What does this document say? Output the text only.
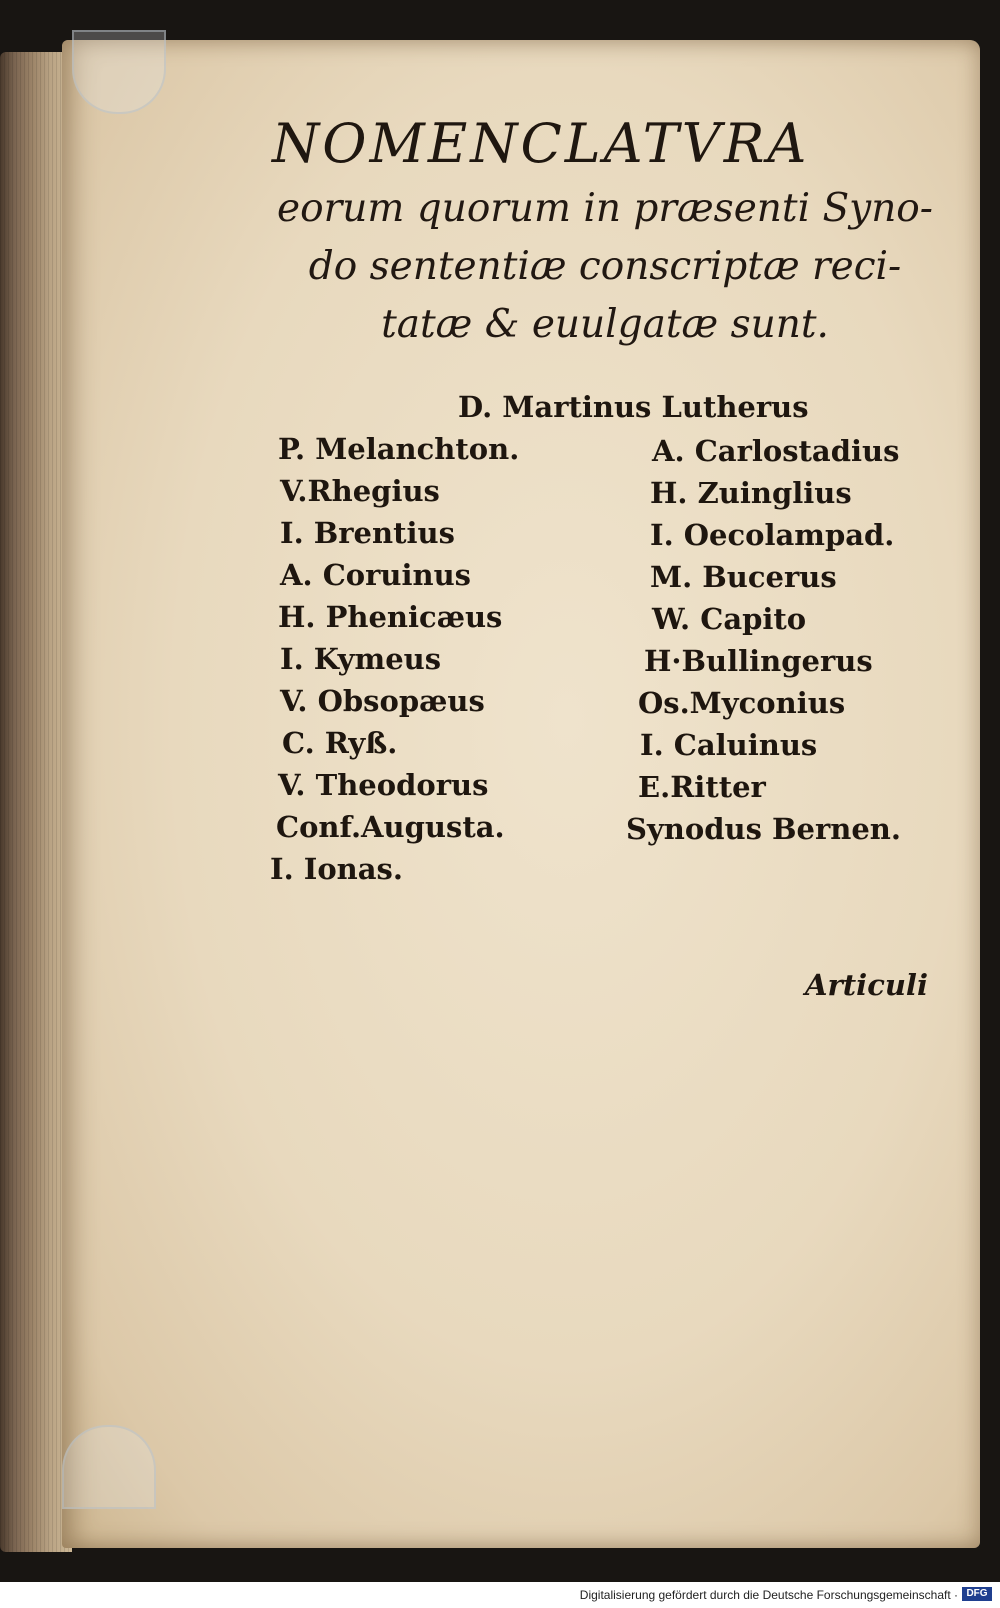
NOMENCLATVRA
eorum quorum in præsenti Syno-
do sententiæ conscriptæ reci-
tatæ & euulgatæ sunt.
D. Martinus Lutherus
P. Melanchton.
V.Rhegius
I. Brentius
A. Coruinus
H. Phenicæus
I. Kymeus
V. Obsopæus
C. Ryß.
V. Theodorus
Conf.Augusta.
I. Ionas.
A. Carlostadius
H. Zuinglius
I. Oecolampad.
M. Bucerus
W. Capito
H·Bullingerus
Os.Myconius
I. Caluinus
E.Ritter
Synodus Bernen.
Articuli
Digitalisierung gefördert durch die Deutsche Forschungsgemeinschaft · DFG
